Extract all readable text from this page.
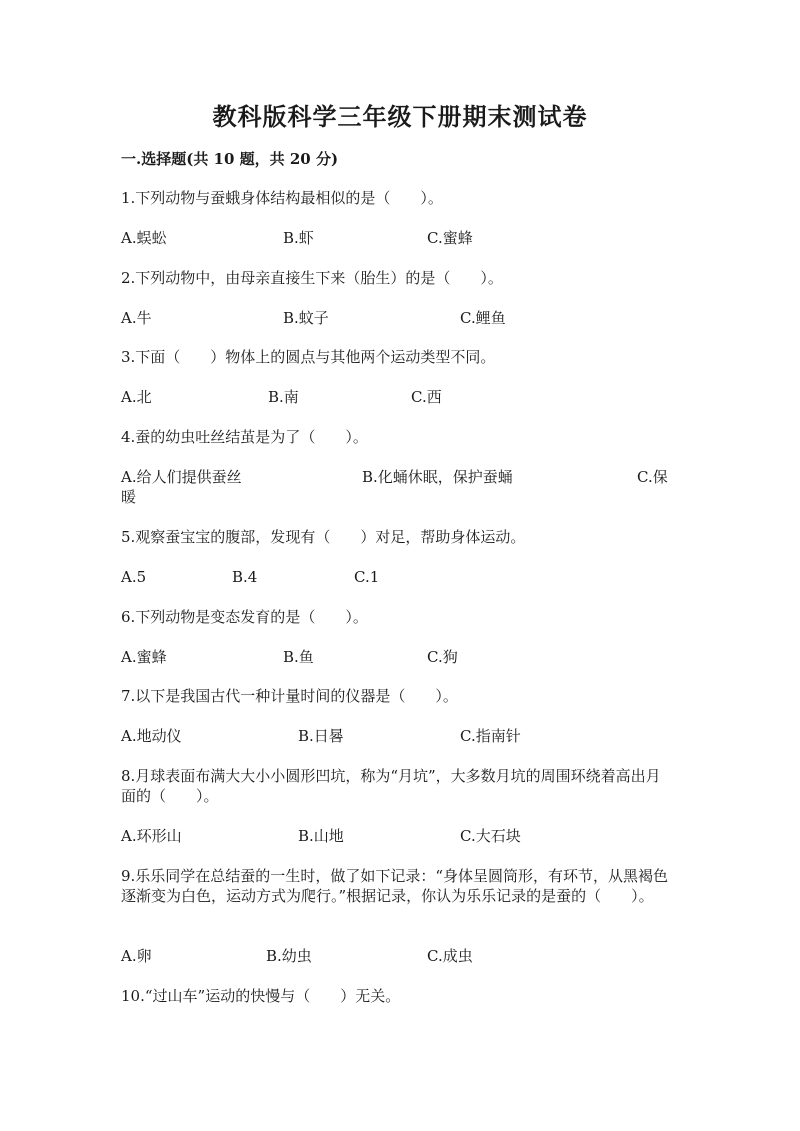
教科版科学三年级下册期末测试卷
一.选择题(共 10 题，共 20 分)
1.下列动物与蚕蛾身体结构最相似的是（　　）。
A.蜈蚣	B.虾	C.蜜蜂
2.下列动物中，由母亲直接生下来（胎生）的是（　　）。
A.牛	B.蚊子	C.鲤鱼
3.下面（　　）物体上的圆点与其他两个运动类型不同。
A.北	B.南	C.西
4.蚕的幼虫吐丝结茧是为了（　　）。
A.给人们提供蚕丝	B.化蛹休眠，保护蚕蛹	C.保
暖
5.观察蚕宝宝的腹部，发现有（　　）对足，帮助身体运动。
A.5	B.4	C.1
6.下列动物是变态发育的是（　　）。
A.蜜蜂	B.鱼	C.狗
7.以下是我国古代一种计量时间的仪器是（　　）。
A.地动仪	B.日晷	C.指南针
8.月球表面布满大大小小圆形凹坑，称为“月坑”，大多数月坑的周围环绕着高出月面的（　　）。
A.环形山	B.山地	C.大石块
9.乐乐同学在总结蚕的一生时，做了如下记录：“身体呈圆筒形，有环节，从黑褐色逐渐变为白色，运动方式为爬行。”根据记录，你认为乐乐记录的是蚕的（　　）。
A.卵	B.幼虫	C.成虫
10.“过山车”运动的快慢与（　　）无关。
